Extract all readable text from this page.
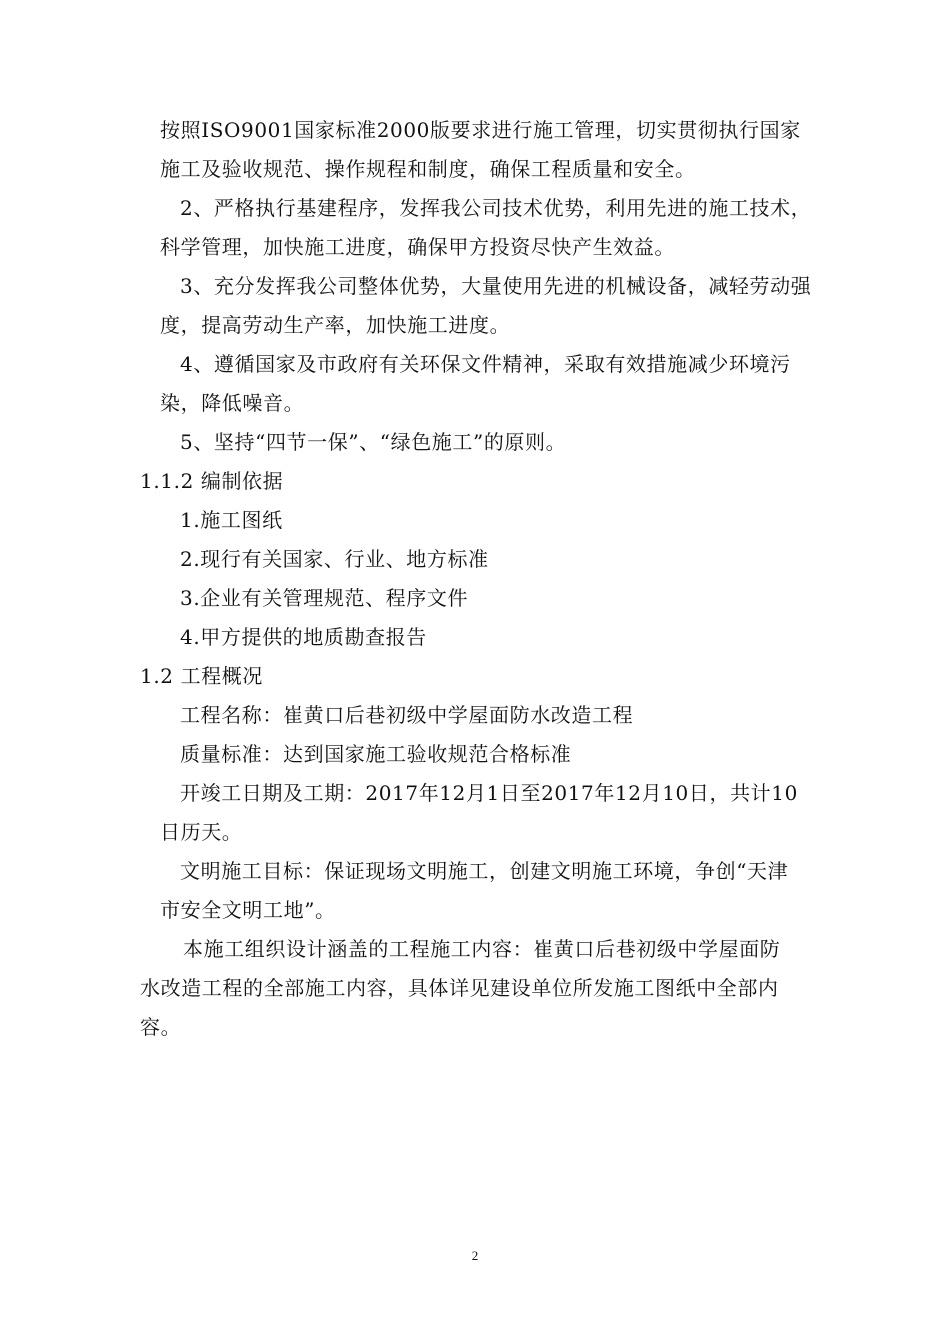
按照ISO9001国家标准2000版要求进行施工管理，切实贯彻执行国家
施工及验收规范、操作规程和制度，确保工程质量和安全。
2、严格执行基建程序，发挥我公司技术优势，利用先进的施工技术，
科学管理，加快施工进度，确保甲方投资尽快产生效益。
3、充分发挥我公司整体优势，大量使用先进的机械设备，减轻劳动强
度，提高劳动生产率，加快施工进度。
4、遵循国家及市政府有关环保文件精神，采取有效措施减少环境污
染，降低噪音。
5、坚持“四节一保”、“绿色施工”的原则。
1.1.2 编制依据
1.施工图纸
2.现行有关国家、行业、地方标准
3.企业有关管理规范、程序文件
4.甲方提供的地质勘查报告
1.2 工程概况
工程名称：崔黄口后巷初级中学屋面防水改造工程
质量标准：达到国家施工验收规范合格标准
开竣工日期及工期：2017年12月1日至2017年12月10日，共计10
日历天。
文明施工目标：保证现场文明施工，创建文明施工环境，争创“天津
市安全文明工地”。
本施工组织设计涵盖的工程施工内容：崔黄口后巷初级中学屋面防
水改造工程的全部施工内容，具体详见建设单位所发施工图纸中全部内
容。
2
